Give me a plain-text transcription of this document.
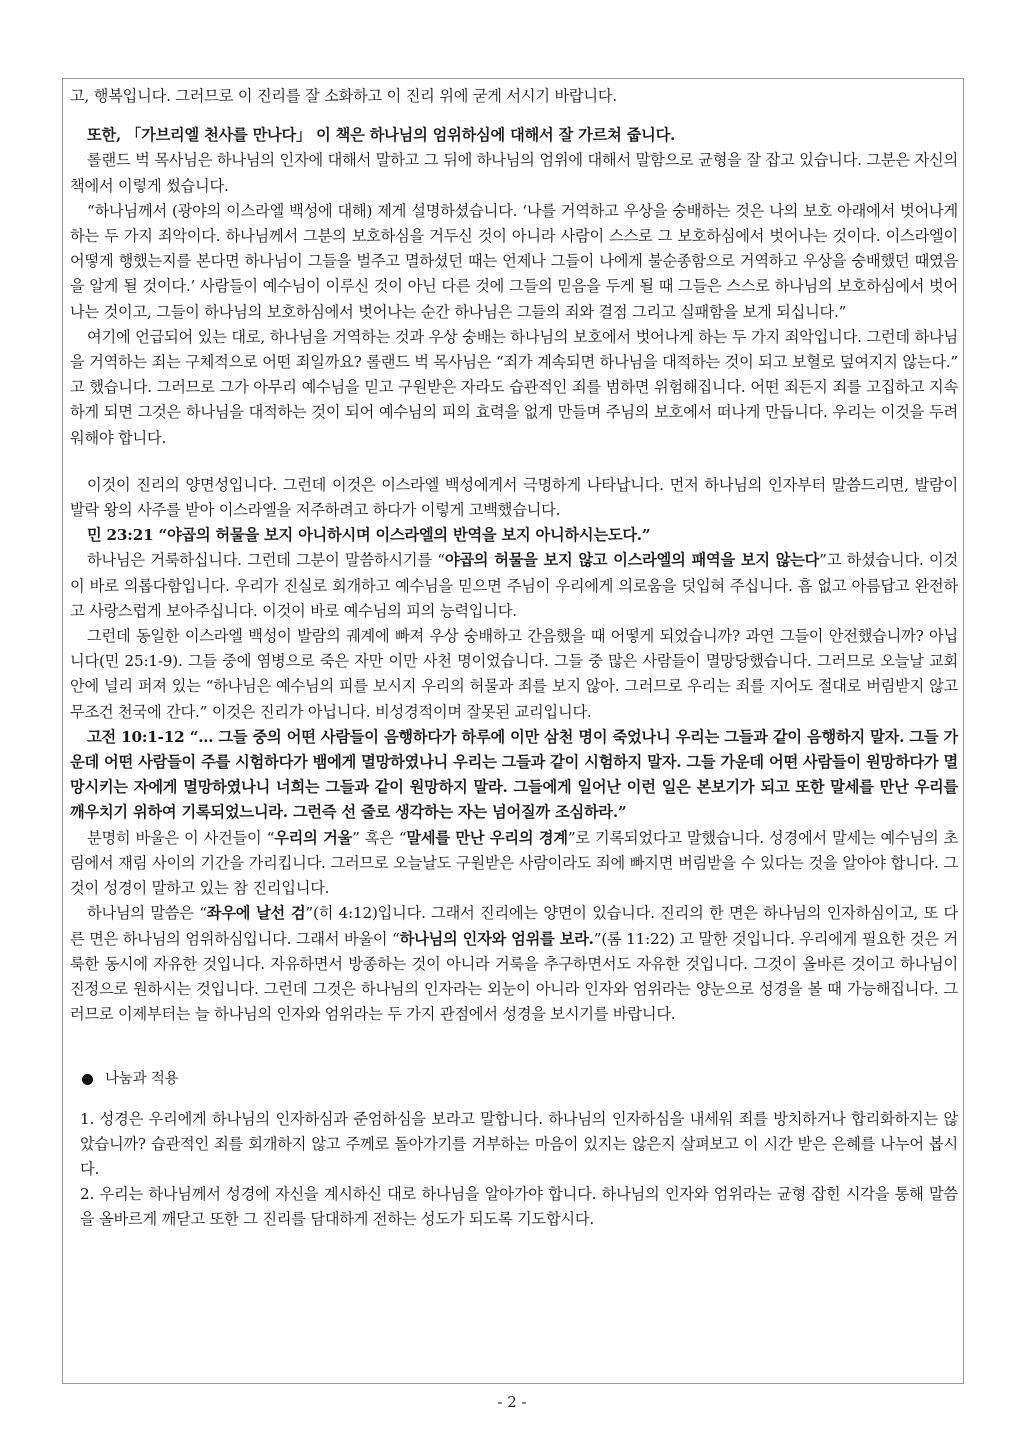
고, 행복입니다. 그러므로 이 진리를 잘 소화하고 이 진리 위에 굳게 서시기 바랍니다.

또한, 「가브리엘 천사를 만나다」 이 책은 하나님의 엄위하심에 대해서 잘 가르쳐 줍니다.

롤랜드 벅 목사님은 하나님의 인자에 대해서 말하고 그 뒤에 하나님의 엄위에 대해서 말함으로 균형을 잘 잡고 있습니다. 그분은 자신의 책에서 이렇게 썼습니다.

“하나님께서 (광야의 이스라엘 백성에 대해) 제게 설명하셨습니다. ‘나를 거역하고 우상을 숭배하는 것은 나의 보호 아래에서 벗어나게 하는 두 가지 죄악이다. 하나님께서 그분의 보호하심을 거두신 것이 아니라 사람이 스스로 그 보호하심에서 벗어나는 것이다. 이스라엘이 어떻게 행했는지를 본다면 하나님이 그들을 벌주고 멸하셨던 때는 언제나 그들이 나에게 불순종함으로 거역하고 우상을 숭배했던 때였음을 알게 될 것이다.’ 사람들이 예수님이 이루신 것이 아닌 다른 것에 그들의 믿음을 두게 될 때 그들은 스스로 하나님의 보호하심에서 벗어나는 것이고, 그들이 하나님의 보호하심에서 벗어나는 순간 하나님은 그들의 죄와 결점 그리고 실패함을 보게 되십니다.”

여기에 언급되어 있는 대로, 하나님을 거역하는 것과 우상 숭배는 하나님의 보호에서 벗어나게 하는 두 가지 죄악입니다. 그런데 하나님을 거역하는 죄는 구체적으로 어떤 죄일까요? 롤랜드 벅 목사님은 “죄가 계속되면 하나님을 대적하는 것이 되고 보혈로 덮여지지 않는다.” 고 했습니다. 그러므로 그가 아무리 예수님을 믿고 구원받은 자라도 습관적인 죄를 범하면 위험해집니다. 어떤 죄든지 죄를 고집하고 지속하게 되면 그것은 하나님을 대적하는 것이 되어 예수님의 피의 효력을 없게 만들며 주님의 보호에서 떠나게 만듭니다. 우리는 이것을 두려워해야 합니다.

이것이 진리의 양면성입니다. 그런데 이것은 이스라엘 백성에게서 극명하게 나타납니다. 먼저 하나님의 인자부터 말씀드리면, 발람이 발락 왕의 사주를 받아 이스라엘을 저주하려고 하다가 이렇게 고백했습니다.

민 23:21 “야곱의 허물을 보지 아니하시며 이스라엘의 반역을 보지 아니하시는도다.”

하나님은 거룩하십니다. 그런데 그분이 말씀하시기를 “야곱의 허물을 보지 않고 이스라엘의 패역을 보지 않는다”고 하셨습니다. 이것이 바로 의롭다함입니다. 우리가 진실로 회개하고 예수님을 믿으면 주님이 우리에게 의로움을 덧입혀 주십니다. 흠 없고 아름답고 완전하고 사랑스럽게 보아주십니다. 이것이 바로 예수님의 피의 능력입니다.

그런데 동일한 이스라엘 백성이 발람의 궤계에 빠져 우상 숭배하고 간음했을 때 어떻게 되었습니까? 과연 그들이 안전했습니까? 아닙니다(민 25:1-9). 그들 중에 염병으로 죽은 자만 이만 사천 명이었습니다. 그들 중 많은 사람들이 멸망당했습니다. 그러므로 오늘날 교회 안에 널리 퍼져 있는 “하나님은 예수님의 피를 보시지 우리의 허물과 죄를 보지 않아. 그러므로 우리는 죄를 지어도 절대로 버림받지 않고 무조건 천국에 간다.” 이것은 진리가 아닙니다. 비성경적이며 잘못된 교리입니다.

고전 10:1-12 “… 그들 중의 어떤 사람들이 음행하다가 하루에 이만 삼천 명이 죽었나니 우리는 그들과 같이 음행하지 말자. 그들 가운데 어떤 사람들이 주를 시험하다가 뱀에게 멸망하였나니 우리는 그들과 같이 시험하지 말자. 그들 가운데 어떤 사람들이 원망하다가 멸망시키는 자에게 멸망하였나니 너희는 그들과 같이 원망하지 말라. 그들에게 일어난 이런 일은 본보기가 되고 또한 말세를 만난 우리를 깨우치기 위하여 기록되었느니라. 그런즉 선 줄로 생각하는 자는 넘어질까 조심하라.”

분명히 바울은 이 사건들이 “우리의 거울” 혹은 “말세를 만난 우리의 경계”로 기록되었다고 말했습니다. 성경에서 말세는 예수님의 초림에서 재림 사이의 기간을 가리킵니다. 그러므로 오늘날도 구원받은 사람이라도 죄에 빠지면 버림받을 수 있다는 것을 알아야 합니다. 그것이 성경이 말하고 있는 참 진리입니다.

하나님의 말씀은 “좌우에 날선 검”(히 4:12)입니다. 그래서 진리에는 양면이 있습니다. 진리의 한 면은 하나님의 인자하심이고, 또 다른 면은 하나님의 엄위하심입니다. 그래서 바울이 “하나님의 인자와 엄위를 보라.”(롬 11:22) 고 말한 것입니다. 우리에게 필요한 것은 거룩한 동시에 자유한 것입니다. 자유하면서 방종하는 것이 아니라 거룩을 추구하면서도 자유한 것입니다. 그것이 올바른 것이고 하나님이 진정으로 원하시는 것입니다. 그런데 그것은 하나님의 인자라는 외눈이 아니라 인자와 엄위라는 양눈으로 성경을 볼 때 가능해집니다. 그러므로 이제부터는 늘 하나님의 인자와 엄위라는 두 가지 관점에서 성경을 보시기를 바랍니다.

나눔과 적용

1. 성경은 우리에게 하나님의 인자하심과 준엄하심을 보라고 말합니다. 하나님의 인자하심을 내세워 죄를 방치하거나 합리화하지는 않았습니까? 습관적인 죄를 회개하지 않고 주께로 돌아가기를 거부하는 마음이 있지는 않은지 살펴보고 이 시간 받은 은혜를 나누어 봅시다.

2. 우리는 하나님께서 성경에 자신을 계시하신 대로 하나님을 알아가야 합니다. 하나님의 인자와 엄위라는 균형 잡힌 시각을 통해 말씀을 올바르게 깨닫고 또한 그 진리를 담대하게 전하는 성도가 되도록 기도합시다.

- 2 -
